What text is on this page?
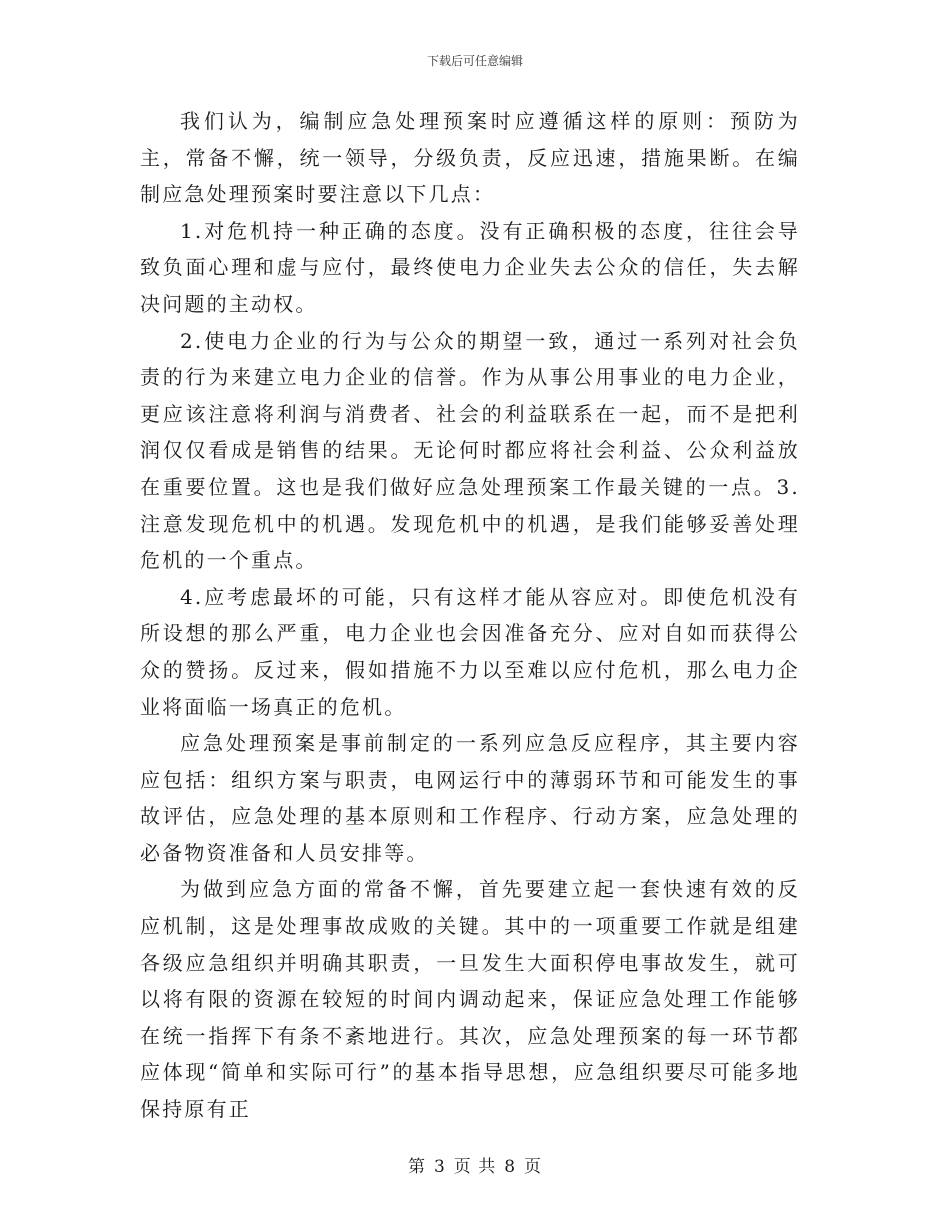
下载后可任意编辑

我们认为，编制应急处理预案时应遵循这样的原则：预防为主，常备不懈，统一领导，分级负责，反应迅速，措施果断。在编制应急处理预案时要注意以下几点：

1.对危机持一种正确的态度。没有正确积极的态度，往往会导致负面心理和虚与应付，最终使电力企业失去公众的信任，失去解决问题的主动权。

2.使电力企业的行为与公众的期望一致，通过一系列对社会负责的行为来建立电力企业的信誉。作为从事公用事业的电力企业，更应该注意将利润与消费者、社会的利益联系在一起，而不是把利润仅仅看成是销售的结果。无论何时都应将社会利益、公众利益放在重要位置。这也是我们做好应急处理预案工作最关键的一点。3.注意发现危机中的机遇。发现危机中的机遇，是我们能够妥善处理危机的一个重点。

4.应考虑最坏的可能，只有这样才能从容应对。即使危机没有所设想的那么严重，电力企业也会因准备充分、应对自如而获得公众的赞扬。反过来，假如措施不力以至难以应付危机，那么电力企业将面临一场真正的危机。

应急处理预案是事前制定的一系列应急反应程序，其主要内容应包括：组织方案与职责，电网运行中的薄弱环节和可能发生的事故评估，应急处理的基本原则和工作程序、行动方案，应急处理的必备物资准备和人员安排等。

为做到应急方面的常备不懈，首先要建立起一套快速有效的反应机制，这是处理事故成败的关键。其中的一项重要工作就是组建各级应急组织并明确其职责，一旦发生大面积停电事故发生，就可以将有限的资源在较短的时间内调动起来，保证应急处理工作能够在统一指挥下有条不紊地进行。其次，应急处理预案的每一环节都应体现“简单和实际可行”的基本指导思想，应急组织要尽可能多地保持原有正

第 3 页 共 8 页
